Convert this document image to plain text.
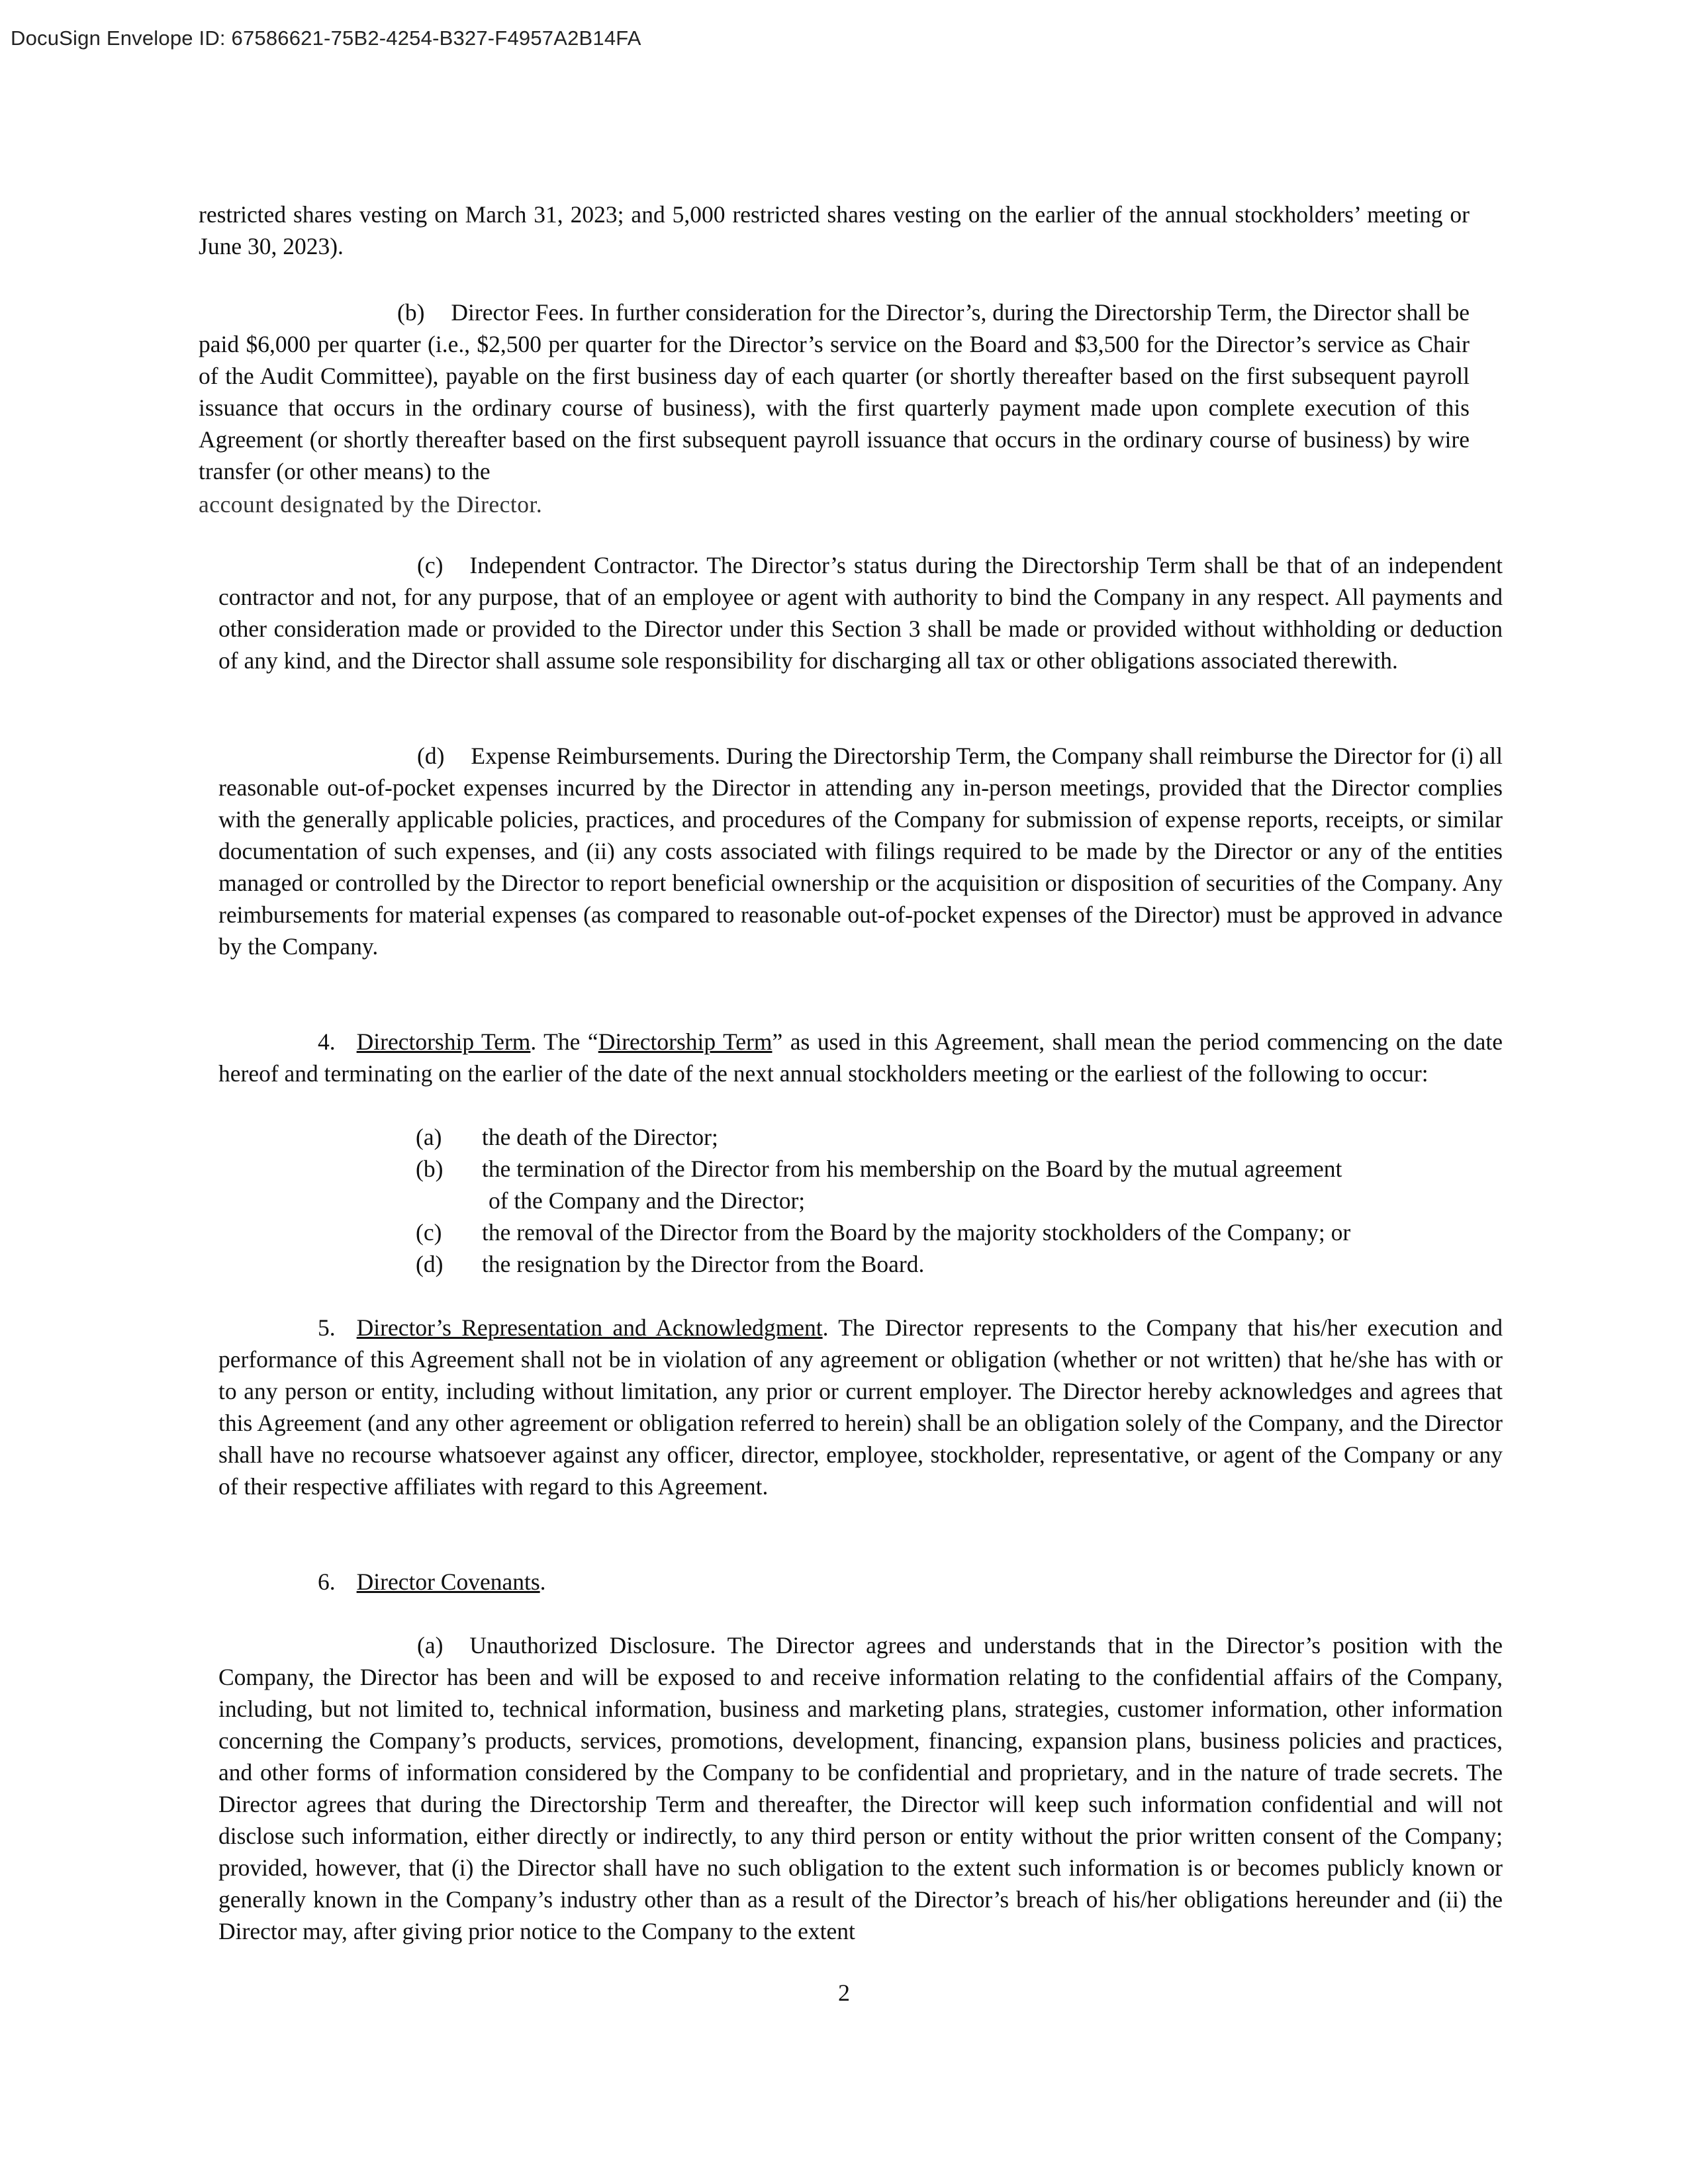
DocuSign Envelope ID: 67586621-75B2-4254-B327-F4957A2B14FA

restricted shares vesting on March 31, 2023; and 5,000 restricted shares vesting on the earlier of the annual stockholders’ meeting or June 30, 2023).

(b) Director Fees. In further consideration for the Director’s, during the Directorship Term, the Director shall be paid $6,000 per quarter (i.e., $2,500 per quarter for the Director’s service on the Board and $3,500 for the Director’s service as Chair of the Audit Committee), payable on the first business day of each quarter (or shortly thereafter based on the first subsequent payroll issuance that occurs in the ordinary course of business), with the first quarterly payment made upon complete execution of this Agreement (or shortly thereafter based on the first subsequent payroll issuance that occurs in the ordinary course of business) by wire transfer (or other means) to the

account designated by the Director.

(c) Independent Contractor. The Director’s status during the Directorship Term shall be that of an independent contractor and not, for any purpose, that of an employee or agent with authority to bind the Company in any respect. All payments and other consideration made or provided to the Director under this Section 3 shall be made or provided without withholding or deduction of any kind, and the Director shall assume sole responsibility for discharging all tax or other obligations associated therewith.

(d) Expense Reimbursements. During the Directorship Term, the Company shall reimburse the Director for (i) all reasonable out-of-pocket expenses incurred by the Director in attending any in-person meetings, provided that the Director complies with the generally applicable policies, practices, and procedures of the Company for submission of expense reports, receipts, or similar documentation of such expenses, and (ii) any costs associated with filings required to be made by the Director or any of the entities managed or controlled by the Director to report beneficial ownership or the acquisition or disposition of securities of the Company. Any reimbursements for material expenses (as compared to reasonable out-of-pocket expenses of the Director) must be approved in advance by the Company.

4. Directorship Term. The “Directorship Term” as used in this Agreement, shall mean the period commencing on the date hereof and terminating on the earlier of the date of the next annual stockholders meeting or the earliest of the following to occur:

(a) the death of the Director;
(b) the termination of the Director from his membership on the Board by the mutual agreement
of the Company and the Director;
(c) the removal of the Director from the Board by the majority stockholders of the Company; or
(d) the resignation by the Director from the Board.

5. Director’s Representation and Acknowledgment. The Director represents to the Company that his/her execution and performance of this Agreement shall not be in violation of any agreement or obligation (whether or not written) that he/she has with or to any person or entity, including without limitation, any prior or current employer. The Director hereby acknowledges and agrees that this Agreement (and any other agreement or obligation referred to herein) shall be an obligation solely of the Company, and the Director shall have no recourse whatsoever against any officer, director, employee, stockholder, representative, or agent of the Company or any of their respective affiliates with regard to this Agreement.

6. Director Covenants.

(a) Unauthorized Disclosure. The Director agrees and understands that in the Director’s position with the Company, the Director has been and will be exposed to and receive information relating to the confidential affairs of the Company, including, but not limited to, technical information, business and marketing plans, strategies, customer information, other information concerning the Company’s products, services, promotions, development, financing, expansion plans, business policies and practices, and other forms of information considered by the Company to be confidential and proprietary, and in the nature of trade secrets. The Director agrees that during the Directorship Term and thereafter, the Director will keep such information confidential and will not disclose such information, either directly or indirectly, to any third person or entity without the prior written consent of the Company; provided, however, that (i) the Director shall have no such obligation to the extent such information is or becomes publicly known or generally known in the Company’s industry other than as a result of the Director’s breach of his/her obligations hereunder and (ii) the Director may, after giving prior notice to the Company to the extent

2
